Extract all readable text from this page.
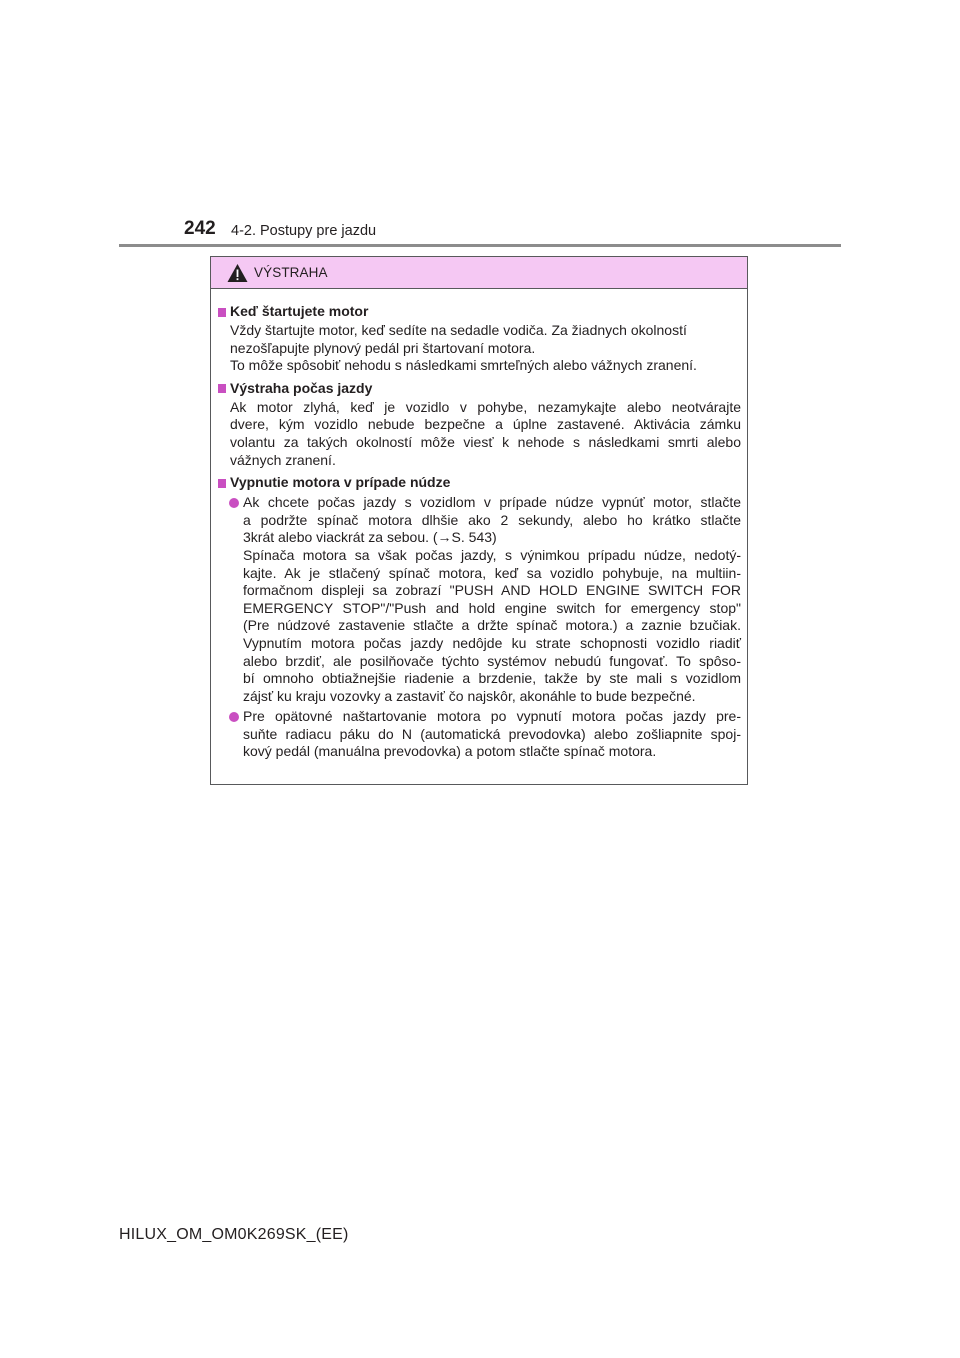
242 4-2. Postupy pre jazdu
VÝSTRAHA
Keď štartujete motor
Vždy štartujte motor, keď sedíte na sedadle vodiča. Za žiadnych okolností
nezošľapujte plynový pedál pri štartovaní motora.
To môže spôsobiť nehodu s následkami smrteľných alebo vážnych zranení.
Výstraha počas jazdy
Ak motor zlyhá, keď je vozidlo v pohybe, nezamykajte alebo neotvárajte
dvere, kým vozidlo nebude bezpečne a úplne zastavené. Aktivácia zámku
volantu za takých okolností môže viesť k nehode s následkami smrti alebo
vážnych zranení.
Vypnutie motora v prípade núdze
Ak chcete počas jazdy s vozidlom v prípade núdze vypnúť motor, stlačte
a podržte spínač motora dlhšie ako 2 sekundy, alebo ho krátko stlačte
3krát alebo viackrát za sebou. (→S. 543)
Spínača motora sa však počas jazdy, s výnimkou prípadu núdze, nedotý-
kajte. Ak je stlačený spínač motora, keď sa vozidlo pohybuje, na multiin-
formačnom displeji sa zobrazí "PUSH AND HOLD ENGINE SWITCH FOR
EMERGENCY STOP"/"Push and hold engine switch for emergency stop"
(Pre núdzové zastavenie stlačte a držte spínač motora.) a zaznie bzučiak.
Vypnutím motora počas jazdy nedôjde ku strate schopnosti vozidlo riadiť
alebo brzdiť, ale posilňovače týchto systémov nebudú fungovať. To spôso-
bí omnoho obtiažnejšie riadenie a brzdenie, takže by ste mali s vozidlom
zájsť ku kraju vozovky a zastaviť čo najskôr, akonáhle to bude bezpečné.
Pre opätovné naštartovanie motora po vypnutí motora počas jazdy pre-
suňte radiacu páku do N (automatická prevodovka) alebo zošliapnite spoj-
kový pedál (manuálna prevodovka) a potom stlačte spínač motora.
HILUX_OM_OM0K269SK_(EE)
